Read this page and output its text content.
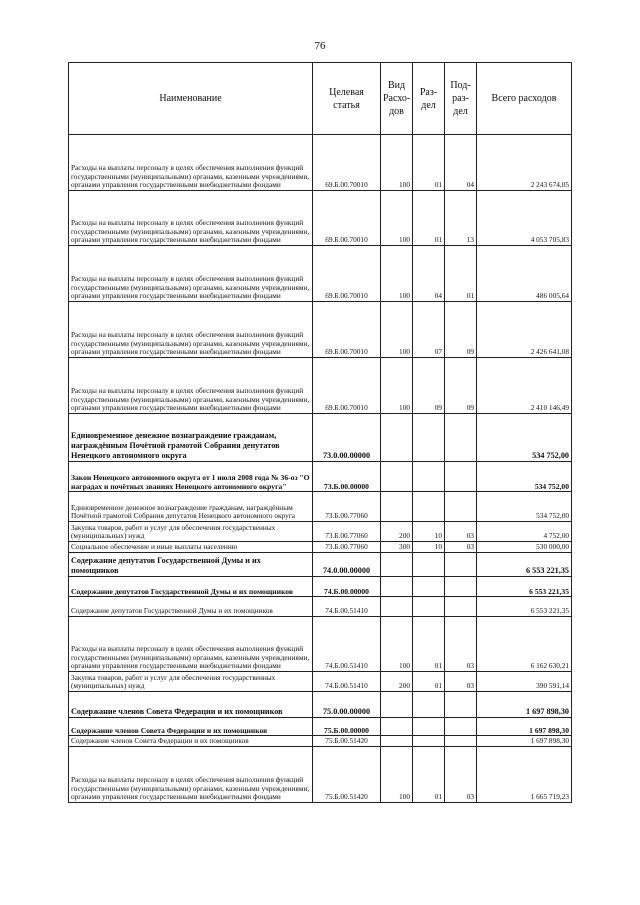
76
Наименование	Целевая статья	Вид Расхо-дов	Раз-дел	Под-раз-дел	Всего расходов
Расходы на выплаты персоналу в целях обеспечения выполнения функций государственными (муниципальными) органами, казенными учреждениями, органами управления государственными внебюджетными фондами	69.Б.00.70010	100	01	04	2 243 674,05
Расходы на выплаты персоналу в целях обеспечения выполнения функций государственными (муниципальными) органами, казенными учреждениями, органами управления государственными внебюджетными фондами	69.Б.00.70010	100	01	13	4 053 705,83
Расходы на выплаты персоналу в целях обеспечения выполнения функций государственными (муниципальными) органами, казенными учреждениями, органами управления государственными внебюджетными фондами	69.Б.00.70010	100	04	01	486 005,64
Расходы на выплаты персоналу в целях обеспечения выполнения функций государственными (муниципальными) органами, казенными учреждениями, органами управления государственными внебюджетными фондами	69.Б.00.70010	100	07	09	2 426 641,08
Расходы на выплаты персоналу в целях обеспечения выполнения функций государственными (муниципальными) органами, казенными учреждениями, органами управления государственными внебюджетными фондами	69.Б.00.70010	100	09	09	2 410 146,49
Единовременное денежное вознаграждение гражданам, награждённым Почётной грамотой Собрания депутатов Ненецкого автономного округа	73.0.00.00000				534 752,00
Закон Ненецкого автономного округа от 1 июля 2008 года № 36-оз "О наградах и почётных званиях Ненецкого автономного округа"	73.Б.00.00000				534 752,00
Единовременное денежное вознаграждение гражданам, награждённым Почётной грамотой Собрания депутатов Ненецкого автономного округа	73.Б.00.77060				534 752,00
Закупка товаров, работ и услуг для обеспечения государственных (муниципальных) нужд	73.Б.00.77060	200	10	03	4 752,00
Социальное обеспечение и иные выплаты населению	73.Б.00.77060	300	10	03	530 000,00
Содержание депутатов Государственной Думы и их помощников	74.0.00.00000				6 553 221,35
Содержание депутатов Государственной Думы и их помощников	74.Б.00.00000				6 553 221,35
Содержание депутатов Государственной Думы и их помощников	74.Б.00.51410				6 553 221,35
Расходы на выплаты персоналу в целях обеспечения выполнения функций государственными (муниципальными) органами, казенными учреждениями, органами управления государственными внебюджетными фондами	74.Б.00.51410	100	01	03	6 162 630,21
Закупка товаров, работ и услуг для обеспечения государственных (муниципальных) нужд	74.Б.00.51410	200	01	03	390 591,14
Содержание членов Совета Федерации и их помощников	75.0.00.00000				1 697 898,30
Содержание членов Совета Федерации и их помощников	75.Б.00.00000				1 697 898,30
Содержание членов Совета Федерации и их помощников	75.Б.00.51420				1 697 898,30
Расходы на выплаты персоналу в целях обеспечения выполнения функций государственными (муниципальными) органами, казенными учреждениями, органами управления государственными внебюджетными фондами	75.Б.00.51420	100	01	03	1 665 719,23
